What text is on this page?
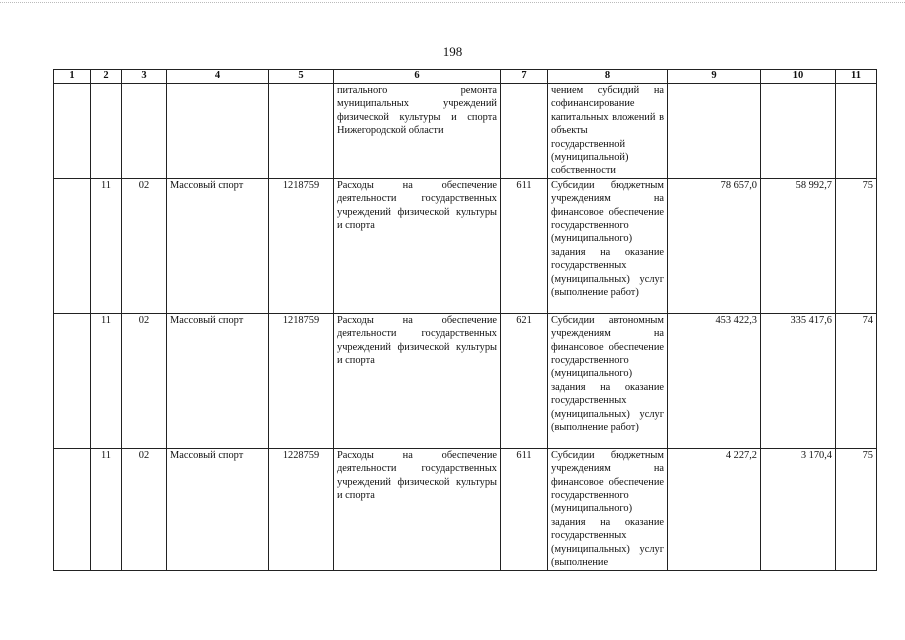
198
1	2	3	4	5	6	7	8	9	10	11
					питального ремонта муниципальных учреждений физической культуры и спорта Нижегородской области		чением субсидий на софинансирование капитальных вложений в объекты государственной (муниципальной) собственности			
	11	02	Массовый спорт	1218759	Расходы на обеспечение деятельности государственных учреждений физической культуры и спорта	611	Субсидии бюджетным учреждениям на финансовое обеспечение государственного (муниципального) задания на оказание государственных (муниципальных) услуг (выполнение работ)	78 657,0	58 992,7	75
	11	02	Массовый спорт	1218759	Расходы на обеспечение деятельности государственных учреждений физической культуры и спорта	621	Субсидии автономным учреждениям на финансовое обеспечение государственного (муниципального) задания на оказание государственных (муниципальных) услуг (выполнение работ)	453 422,3	335 417,6	74
	11	02	Массовый спорт	1228759	Расходы на обеспечение деятельности государственных учреждений физической культуры и спорта	611	Субсидии бюджетным учреждениям на финансовое обеспечение государственного (муниципального) задания на оказание государственных (муниципальных) услуг (выполнение	4 227,2	3 170,4	75
